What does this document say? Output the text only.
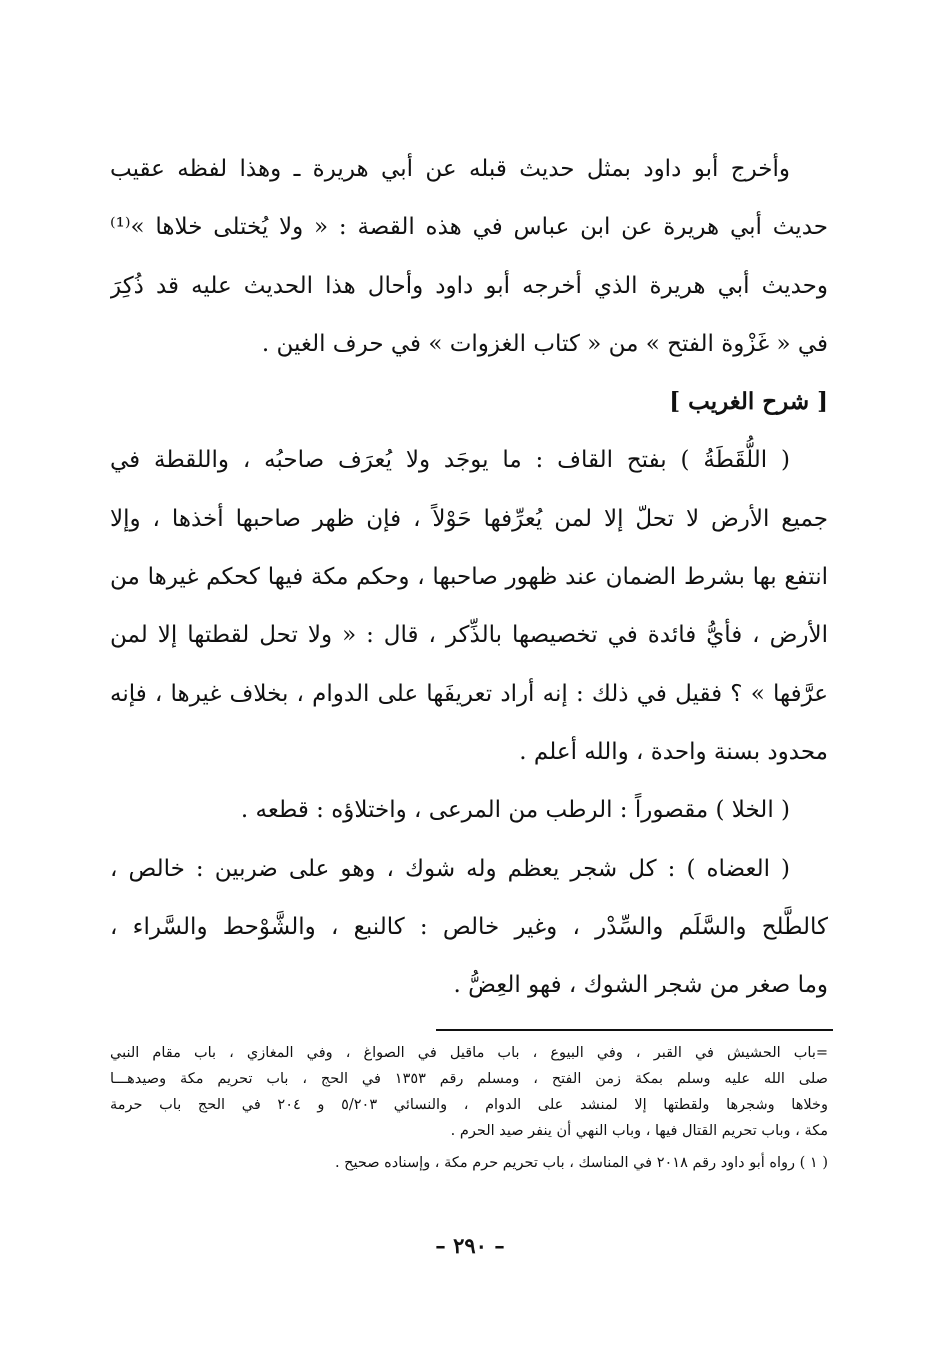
وأخرج أبو داود بمثل حديث قبله عن أبي هريرة ـ وهذا لفظه عقيب
حديث أبي هريرة عن ابن عباس في هذه القصة : « ولا يُختلى خلاها »⁽¹⁾
وحديث أبي هريرة الذي أخرجه أبو داود وأحال هذا الحديث عليه قد ذُكِرَ
في « غَزْوة الفتح » من « كتاب الغزوات » في حرف الغين .
[ شرح الغريب ]
( اللُّقَطَةُ ) بفتح القاف : ما يوجَد ولا يُعرَف صاحبُه ، واللقطة في
جميع الأرض لا تحلّ إلا لمن يُعرِّفها حَوْلاً ، فإن ظهر صاحبها أخذها ، وإلا
انتفع بها بشرط الضمان عند ظهور صاحبها ، وحكم مكة فيها كحكم غيرها من
الأرض ، فأيُّ فائدة في تخصيصها بالذِّكر ، قال : « ولا تحل لقطتها إلا لمن
عرَّفها » ؟ فقيل في ذلك : إنه أراد تعريفَها على الدوام ، بخلاف غيرها ، فإنه
محدود بسنة واحدة ، والله أعلم .
( الخلا ) مقصوراً : الرطب من المرعى ، واختلاؤه : قطعه .
( العضاه ) : كل شجر يعظم وله شوك ، وهو على ضربين : خالص ،
كالطَّلح والسَّلَم والسِّدْر ، وغير خالص : كالنبع ، والشَّوْحط والسَّراء ،
وما صغر من شجر الشوك ، فهو العِضُّ .
=باب الحشيش في القبر ، وفي البيوع ، باب ماقيل في الصواغ ، وفي المغازي ، باب مقام النبي
صلى الله عليه وسلم بمكة زمن الفتح ، ومسلم رقم ١٣٥٣ في الحج ، باب تحريم مكة وصيدهـــا
وخلاها وشجرها ولقطتها إلا لمنشد على الدوام ، والنسائي ٥/٢٠٣ و ٢٠٤ في الحج باب حرمة
مكة ، وباب تحريم القتال فيها ، وباب النهي أن ينفر صيد الحرم .
( ١ ) رواه أبو داود رقم ٢٠١٨ في المناسك ، باب تحريم حرم مكة ، وإسناده صحيح .
– ٢٩٠ –
